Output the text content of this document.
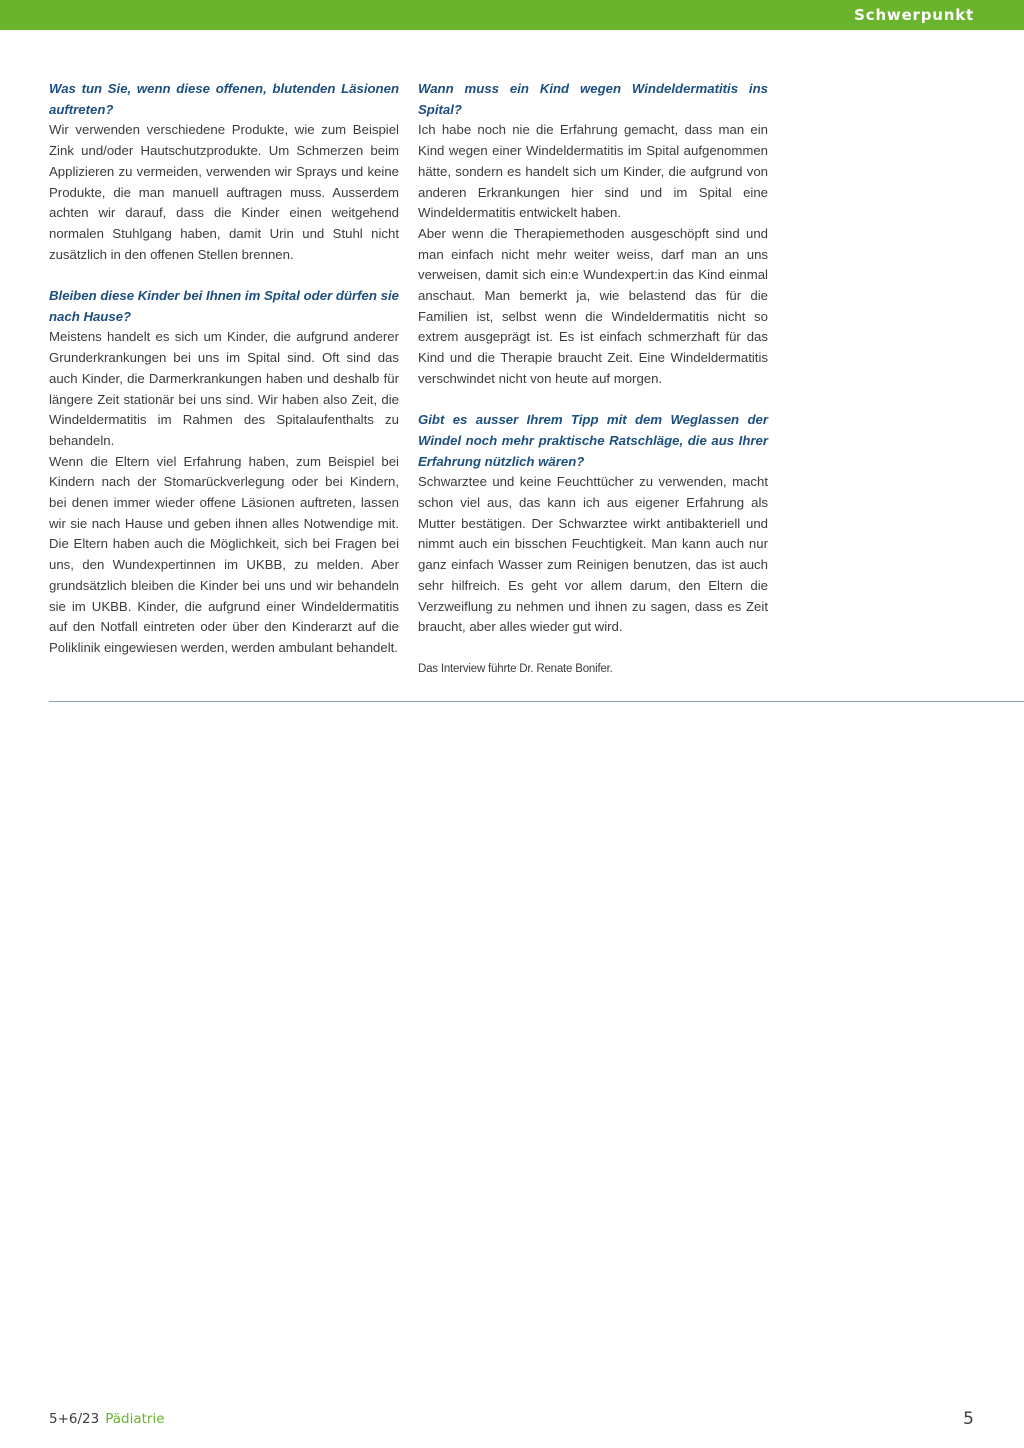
Schwerpunkt

Was tun Sie, wenn diese offenen, blutenden Läsionen auftreten?

Wir verwenden verschiedene Produkte, wie zum Beispiel Zink und/oder Hautschutzprodukte. Um Schmerzen beim Applizieren zu vermeiden, verwenden wir Sprays und keine Produkte, die man manuell auftragen muss. Ausserdem achten wir darauf, dass die Kinder einen weitgehend normalen Stuhlgang haben, damit Urin und Stuhl nicht zusätzlich in den offenen Stellen brennen.

Bleiben diese Kinder bei Ihnen im Spital oder dürfen sie nach Hause?

Meistens handelt es sich um Kinder, die aufgrund anderer Grunderkrankungen bei uns im Spital sind. Oft sind das auch Kinder, die Darmerkrankungen haben und deshalb für längere Zeit stationär bei uns sind. Wir haben also Zeit, die Windeldermatitis im Rahmen des Spitalaufenthalts zu behandeln.

Wenn die Eltern viel Erfahrung haben, zum Beispiel bei Kindern nach der Stomarückverlegung oder bei Kindern, bei denen immer wieder offene Läsionen auftreten, lassen wir sie nach Hause und geben ihnen alles Notwendige mit. Die Eltern haben auch die Möglichkeit, sich bei Fragen bei uns, den Wundexpertinnen im UKBB, zu melden. Aber grundsätzlich bleiben die Kinder bei uns und wir behandeln sie im UKBB. Kinder, die aufgrund einer Windeldermatitis auf den Notfall eintreten oder über den Kinderarzt auf die Poliklinik eingewiesen werden, werden ambulant behandelt.

Wann muss ein Kind wegen Windeldermatitis ins Spital?

Ich habe noch nie die Erfahrung gemacht, dass man ein Kind wegen einer Windeldermatitis im Spital aufgenommen hätte, sondern es handelt sich um Kinder, die aufgrund von anderen Erkrankungen hier sind und im Spital eine Windeldermatitis entwickelt haben.

Aber wenn die Therapiemethoden ausgeschöpft sind und man einfach nicht mehr weiter weiss, darf man an uns verweisen, damit sich ein:e Wundexpert:in das Kind einmal anschaut. Man bemerkt ja, wie belastend das für die Familien ist, selbst wenn die Windeldermatitis nicht so extrem ausgeprägt ist. Es ist einfach schmerzhaft für das Kind und die Therapie braucht Zeit. Eine Windeldermatitis verschwindet nicht von heute auf morgen.

Gibt es ausser Ihrem Tipp mit dem Weglassen der Windel noch mehr praktische Ratschläge, die aus Ihrer Erfahrung nützlich wären?

Schwarztee und keine Feuchttücher zu verwenden, macht schon viel aus, das kann ich aus eigener Erfahrung als Mutter bestätigen. Der Schwarztee wirkt antibakteriell und nimmt auch ein bisschen Feuchtigkeit. Man kann auch nur ganz einfach Wasser zum Reinigen benutzen, das ist auch sehr hilfreich. Es geht vor allem darum, den Eltern die Verzweiflung zu nehmen und ihnen zu sagen, dass es Zeit braucht, aber alles wieder gut wird.

Das Interview führte Dr. Renate Bonifer.

5+6/23 Pädiatrie	5
